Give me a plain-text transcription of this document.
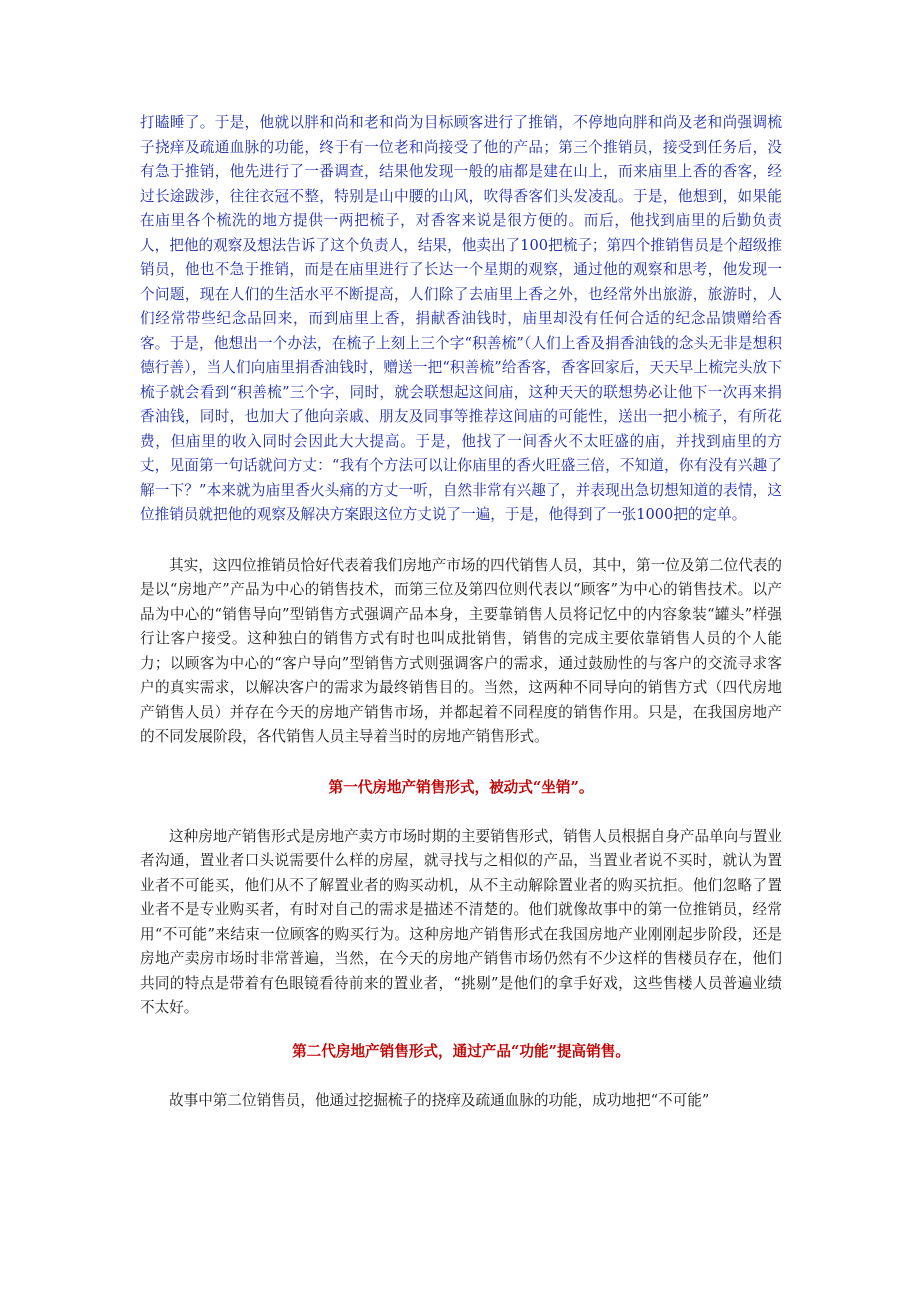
打瞌睡了。于是，他就以胖和尚和老和尚为目标顾客进行了推销，不停地向胖和尚及老和尚强调梳子挠痒及疏通血脉的功能，终于有一位老和尚接受了他的产品；第三个推销员，接受到任务后，没有急于推销，他先进行了一番调查，结果他发现一般的庙都是建在山上，而来庙里上香的香客，经过长途跋涉，往往衣冠不整，特别是山中腰的山风，吹得香客们头发凌乱。于是，他想到，如果能在庙里各个梳洗的地方提供一两把梳子，对香客来说是很方便的。而后，他找到庙里的后勤负责人，把他的观察及想法告诉了这个负责人，结果，他卖出了100把梳子；第四个推销售员是个超级推销员，他也不急于推销，而是在庙里进行了长达一个星期的观察，通过他的观察和思考，他发现一个问题，现在人们的生活水平不断提高，人们除了去庙里上香之外，也经常外出旅游，旅游时，人们经常带些纪念品回来，而到庙里上香，捐献香油钱时，庙里却没有任何合适的纪念品馈赠给香客。于是，他想出一个办法，在梳子上刻上三个字“积善梳”（人们上香及捐香油钱的念头无非是想积德行善），当人们向庙里捐香油钱时，赠送一把“积善梳”给香客，香客回家后，天天早上梳完头放下梳子就会看到“积善梳”三个字，同时，就会联想起这间庙，这种天天的联想势必让他下一次再来捐香油钱，同时，也加大了他向亲戚、朋友及同事等推荐这间庙的可能性，送出一把小梳子，有所花费，但庙里的收入同时会因此大大提高。于是，他找了一间香火不太旺盛的庙，并找到庙里的方丈，见面第一句话就问方丈：“我有个方法可以让你庙里的香火旺盛三倍，不知道，你有没有兴趣了解一下？”本来就为庙里香火头痛的方丈一听，自然非常有兴趣了，并表现出急切想知道的表情，这位推销员就把他的观察及解决方案跟这位方丈说了一遍，于是，他得到了一张1000把的定单。

其实，这四位推销员恰好代表着我们房地产市场的四代销售人员，其中，第一位及第二位代表的是以“房地产”产品为中心的销售技术，而第三位及第四位则代表以“顾客”为中心的销售技术。以产品为中心的“销售导向”型销售方式强调产品本身，主要靠销售人员将记忆中的内容象装“罐头”样强行让客户接受。这种独白的销售方式有时也叫成批销售，销售的完成主要依靠销售人员的个人能力；以顾客为中心的“客户导向”型销售方式则强调客户的需求，通过鼓励性的与客户的交流寻求客户的真实需求，以解决客户的需求为最终销售目的。当然，这两种不同导向的销售方式（四代房地产销售人员）并存在今天的房地产销售市场，并都起着不同程度的销售作用。只是，在我国房地产的不同发展阶段，各代销售人员主导着当时的房地产销售形式。

第一代房地产销售形式，被动式“坐销”。

这种房地产销售形式是房地产卖方市场时期的主要销售形式，销售人员根据自身产品单向与置业者沟通，置业者口头说需要什么样的房屋，就寻找与之相似的产品，当置业者说不买时，就认为置业者不可能买，他们从不了解置业者的购买动机，从不主动解除置业者的购买抗拒。他们忽略了置业者不是专业购买者，有时对自己的需求是描述不清楚的。他们就像故事中的第一位推销员，经常用“不可能”来结束一位顾客的购买行为。这种房地产销售形式在我国房地产业刚刚起步阶段，还是房地产卖房市场时非常普遍，当然，在今天的房地产销售市场仍然有不少这样的售楼员存在，他们共同的特点是带着有色眼镜看待前来的置业者，“挑剔”是他们的拿手好戏，这些售楼人员普遍业绩不太好。

第二代房地产销售形式，通过产品“功能”提高销售。

故事中第二位销售员，他通过挖掘梳子的挠痒及疏通血脉的功能，成功地把“不可能”
